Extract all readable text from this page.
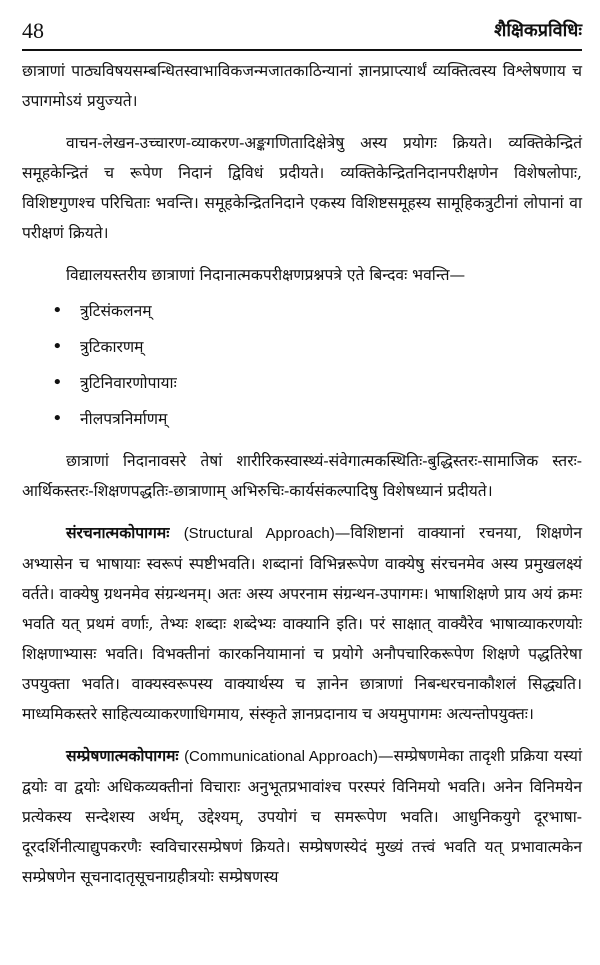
48	शैक्षिकप्रविधिः

छात्राणां पाठ्यविषयसम्बन्धितस्वाभाविकजन्मजातकाठिन्यानां ज्ञानप्राप्त्यार्थं व्यक्तित्वस्य विश्लेषणाय च उपागमोऽयं प्रयुज्यते।

वाचन-लेखन-उच्चारण-व्याकरण-अङ्कगणितादिक्षेत्रेषु अस्य प्रयोगः क्रियते। व्यक्तिकेन्द्रितं समूहकेन्द्रितं च रूपेण निदानं द्विविधं प्रदीयते। व्यक्तिकेन्द्रितनिदानपरीक्षणेन विशेषलोपाः, विशिष्टगुणश्च परिचिताः भवन्ति। समूहकेन्द्रितनिदाने एकस्य विशिष्टसमूहस्य सामूहिकत्रुटीनां लोपानां वा परीक्षणं क्रियते।

विद्यालयस्तरीय छात्राणां निदानात्मकपरीक्षणप्रश्नपत्रे एते बिन्दवः भवन्ति—

• त्रुटिसंकलनम्
• त्रुटिकारणम्
• त्रुटिनिवारणोपायाः
• नीलपत्रनिर्माणम्

छात्राणां निदानावसरे तेषां शारीरिकस्वास्थ्यं-संवेगात्मकस्थितिः-बुद्धिस्तरः-सामाजिक स्तरः-आर्थिकस्तरः-शिक्षणपद्धतिः-छात्राणाम् अभिरुचिः-कार्यसंकल्पादिषु विशेषध्यानं प्रदीयते।

संरचनात्मकोपागमः (Structural Approach)—विशिष्टानां वाक्यानां रचनया, शिक्षणेन अभ्यासेन च भाषायाः स्वरूपं स्पष्टीभवति। शब्दानां विभिन्नरूपेण वाक्येषु संरचनमेव अस्य प्रमुखलक्ष्यं वर्तते। वाक्येषु ग्रथनमेव संग्रन्थनम्। अतः अस्य अपरनाम संग्रन्थन-उपागमः। भाषाशिक्षणे प्राय अयं क्रमः भवति यत् प्रथमं वर्णाः, तेभ्यः शब्दाः शब्देभ्यः वाक्यानि इति। परं साक्षात् वाक्यैरेव भाषाव्याकरणयोः शिक्षणाभ्यासः भवति। विभक्तीनां कारकनियामानां च प्रयोगे अनौपचारिकरूपेण शिक्षणे पद्धतिरेषा उपयुक्ता भवति। वाक्यस्वरूपस्य वाक्यार्थस्य च ज्ञानेन छात्राणां निबन्धरचनाकौशलं सिद्ध्यति। माध्यमिकस्तरे साहित्यव्याकरणाधिगमाय, संस्कृते ज्ञानप्रदानाय च अयमुपागमः अत्यन्तोपयुक्तः।

सम्प्रेषणात्मकोपागमः (Communicational Approach)—सम्प्रेषणमेका तादृशी प्रक्रिया यस्यां द्वयोः वा द्वयोः अधिकव्यक्तीनां विचाराः अनुभूतप्रभावांश्च परस्परं विनिमयो भवति। अनेन विनिमयेन प्रत्येकस्य सन्देशस्य अर्थम्, उद्देश्यम्, उपयोगं च समरूपेण भवति। आधुनिकयुगे दूरभाषा-दूरदर्शिनीत्याद्युपकरणैः स्वविचारसम्प्रेषणं क्रियते। सम्प्रेषणस्येदं मुख्यं तत्त्वं भवति यत् प्रभावात्मकेन सम्प्रेषणेन सूचनादातृसूचनाग्रहीत्रयोः सम्प्रेषणस्य
